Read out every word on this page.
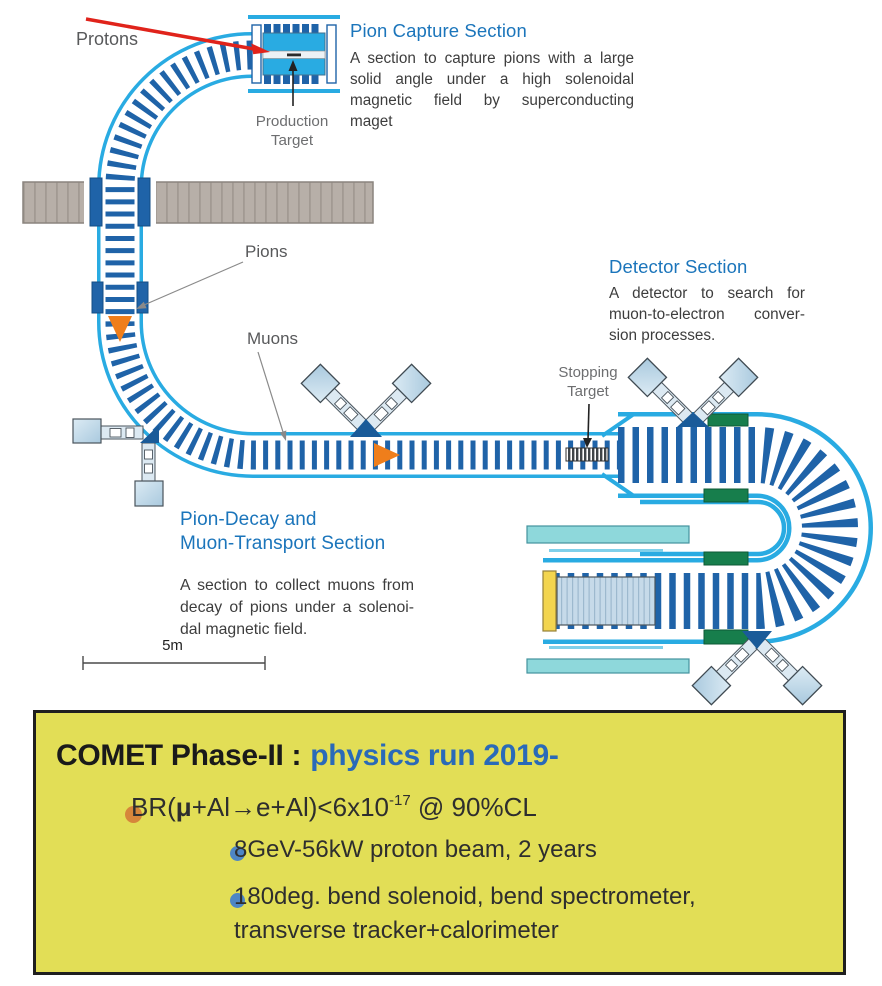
Protons	Pion Capture Section
A section to capture pions with a large
solid angle under a high solenoidal
magnetic field by superconducting
maget
Production Target
Pions
Muons
Detector Section
A detector to search for
muon-to-electron conver-
sion processes.
Stopping Target
Pion-Decay and
Muon-Transport Section
A section to collect muons from
decay of pions under a solenoi-
dal magnetic field.
5m
COMET Phase-II : physics run 2019-
$BR(\mu+Al\to e+Al)<6x10^{-17}$ @ 90%CL
8GeV-56kW proton beam, 2 years
180deg. bend solenoid, bend spectrometer, transverse tracker+calorimeter
